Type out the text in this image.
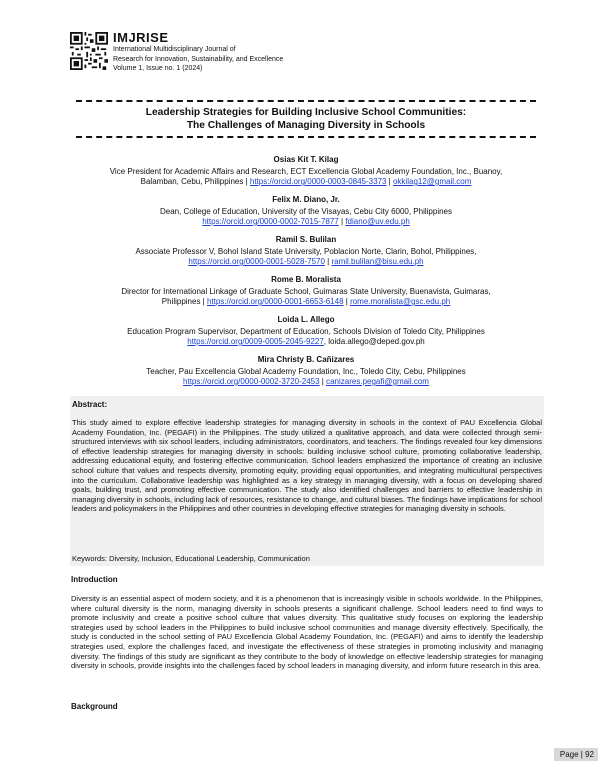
IMJRISE
International Multidisciplinary Journal of
Research for Innovation, Sustainability, and Excellence
Volume 1, Issue no. 1 (2024)
Leadership Strategies for Building Inclusive School Communities:
The Challenges of Managing Diversity in Schools
Osias Kit T. Kilag
Vice President for Academic Affairs and Research, ECT Excellencia Global Academy Foundation, Inc., Buanoy,
Balamban, Cebu, Philippines | https://orcid.org/0000-0003-0845-3373 | okkilag12@gmail.com
Felix M. Diano, Jr.
Dean, College of Education, University of the Visayas, Cebu City 6000, Philippines
https://orcid.org/0000-0002-7015-7877 | fdiano@uv.edu.ph
Ramil S. Bulilan
Associate Professor V, Bohol Island State University, Poblacion Norte, Clarin, Bohol, Philippines,
https://orcid.org/0000-0001-5028-7570 | ramil.bulilan@bisu.edu.ph
Rome B. Moralista
Director for International Linkage of Graduate School, Guimaras State University, Buenavista, Guimaras,
Philippines | https://orcid.org/0000-0001-6653-6148 | rome.moralista@gsc.edu.ph
Loida L. Allego
Education Program Supervisor, Department of Education, Schools Division of Toledo City, Philippines
https://orcid.org/0009-0005-2045-9227, loida.allego@deped.gov.ph
Mira Christy B. Cañizares
Teacher, Pau Excellencia Global Academy Foundation, Inc., Toledo City, Cebu, Philippines
https://orcid.org/0000-0002-3720-2453 | canizares.pegafi@gmail.com
Abstract:
This study aimed to explore effective leadership strategies for managing diversity in schools in the context of PAU Excellencia Global Academy Foundation, Inc. (PEGAFI) in the Philippines. The study utilized a qualitative approach, and data were collected through semi-structured interviews with six school leaders, including administrators, coordinators, and teachers. The findings revealed four key dimensions of effective leadership strategies for managing diversity in schools: building inclusive school culture, promoting collaborative leadership, addressing educational equity, and fostering effective communication. School leaders emphasized the importance of creating an inclusive school culture that values and respects diversity, promoting equity, providing equal opportunities, and integrating multicultural perspectives into the curriculum. Collaborative leadership was highlighted as a key strategy in managing diversity, with a focus on developing shared goals, building trust, and promoting effective communication. The study also identified challenges and barriers to effective leadership in managing diversity in schools, including lack of resources, resistance to change, and cultural biases. The findings have implications for school leaders and policymakers in the Philippines and other countries in developing effective strategies for managing diversity in schools.
Keywords: Diversity, Inclusion, Educational Leadership, Communication
Introduction
Diversity is an essential aspect of modern society, and it is a phenomenon that is increasingly visible in schools worldwide. In the Philippines, where cultural diversity is the norm, managing diversity in schools presents a significant challenge. School leaders need to find ways to promote inclusivity and create a positive school culture that values diversity. This qualitative study focuses on exploring the leadership strategies used by school leaders in the Philippines to build inclusive school communities and manage diversity effectively. Specifically, the study is conducted in the school setting of PAU Excellencia Global Academy Foundation, Inc. (PEGAFI) and aims to identify the leadership strategies used, explore the challenges faced, and investigate the effectiveness of these strategies in promoting inclusivity and managing diversity. The findings of this study are significant as they contribute to the body of knowledge on effective leadership strategies for managing diversity in schools, provide insights into the challenges faced by school leaders in managing diversity, and inform future research in this area.
Background
Page | 92
